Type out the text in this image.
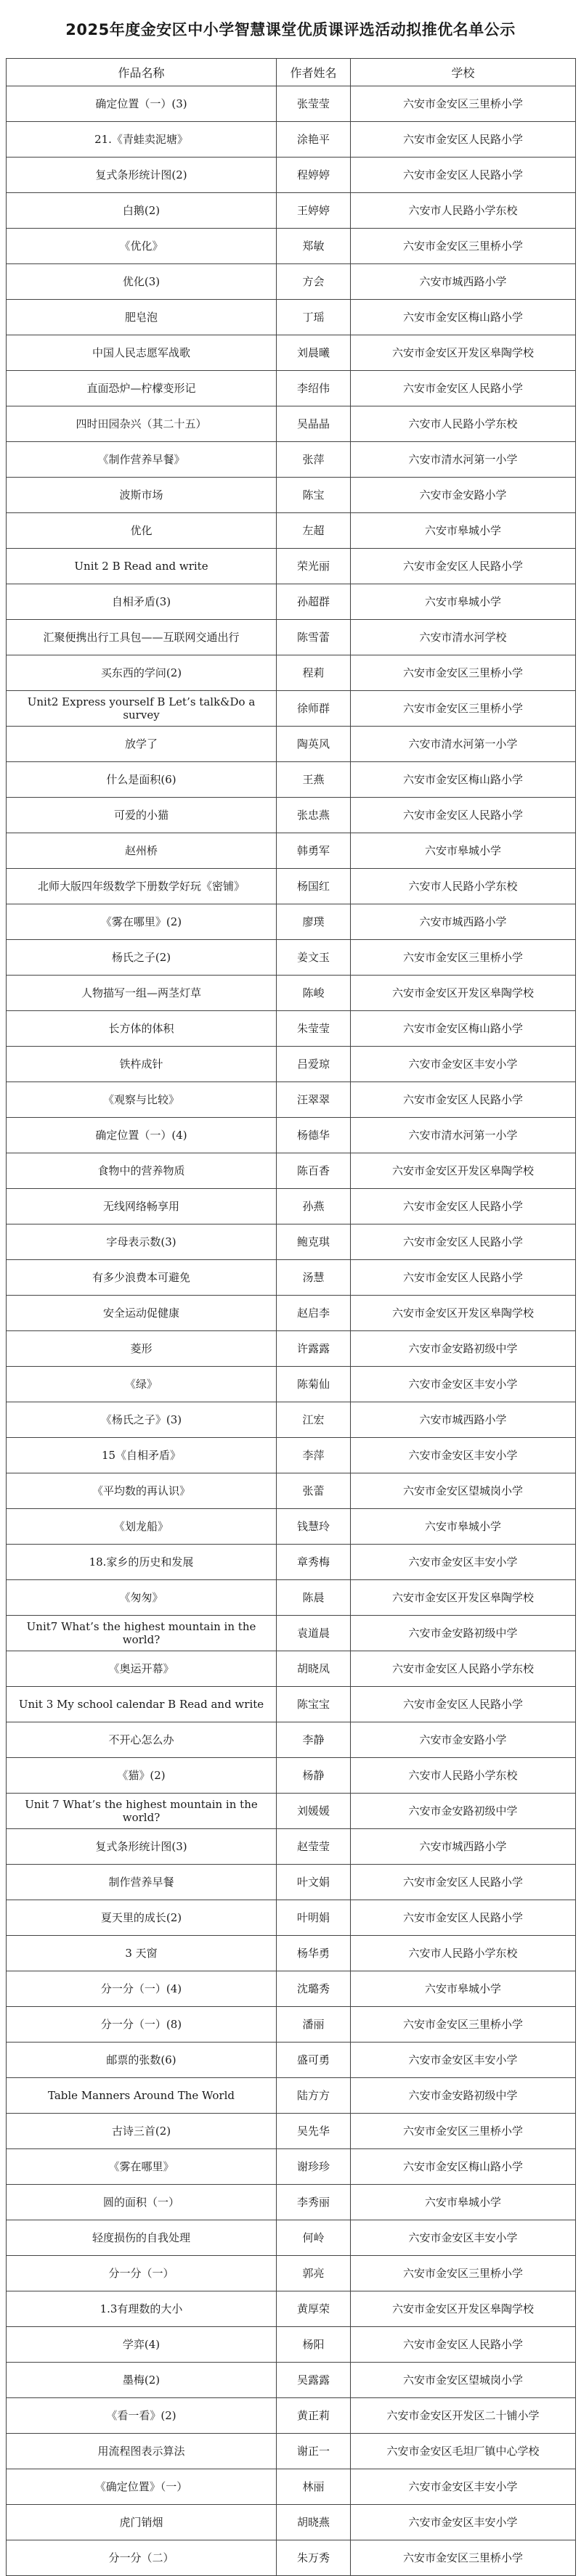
2025年度金安区中小学智慧课堂优质课评选活动拟推优名单公示
作品名称	作者姓名	学校
确定位置（一）(3)	张莹莹	六安市金安区三里桥小学
21.《青蛙卖泥塘》	涂艳平	六安市金安区人民路小学
复式条形统计图(2)	程婷婷	六安市金安区人民路小学
白鹅(2)	王婷婷	六安市人民路小学东校
《优化》	郑敏	六安市金安区三里桥小学
优化(3)	方会	六安市城西路小学
肥皂泡	丁瑶	六安市金安区梅山路小学
中国人民志愿军战歌	刘晨曦	六安市金安区开发区皋陶学校
直面恐炉—柠檬变形记	李绍伟	六安市金安区人民路小学
四时田园杂兴（其二十五）	吴晶晶	六安市人民路小学东校
《制作营养早餐》	张萍	六安市清水河第一小学
波斯市场	陈宝	六安市金安路小学
优化	左超	六安市皋城小学
Unit 2 B Read and write	荣光丽	六安市金安区人民路小学
自相矛盾(3)	孙超群	六安市皋城小学
汇聚便携出行工具包——互联网交通出行	陈雪蕾	六安市清水河学校
买东西的学问(2)	程莉	六安市金安区三里桥小学
Unit2 Express yourself B Let’s talk&Do a survey	徐师群	六安市金安区三里桥小学
放学了	陶英风	六安市清水河第一小学
什么是面积(6)	王燕	六安市金安区梅山路小学
可爱的小猫	张忠燕	六安市金安区人民路小学
赵州桥	韩勇军	六安市皋城小学
北师大版四年级数学下册数学好玩《密铺》	杨国红	六安市人民路小学东校
《雾在哪里》(2)	廖璞	六安市城西路小学
杨氏之子(2)	姜文玉	六安市金安区三里桥小学
人物描写一组—两茎灯草	陈峻	六安市金安区开发区皋陶学校
长方体的体积	朱莹莹	六安市金安区梅山路小学
铁杵成针	吕爱琼	六安市金安区丰安小学
《观察与比较》	汪翠翠	六安市金安区人民路小学
确定位置（一）(4)	杨德华	六安市清水河第一小学
食物中的营养物质	陈百香	六安市金安区开发区皋陶学校
无线网络畅享用	孙燕	六安市金安区人民路小学
字母表示数(3)	鲍克琪	六安市金安区人民路小学
有多少浪费本可避免	汤慧	六安市金安区人民路小学
安全运动促健康	赵启李	六安市金安区开发区皋陶学校
菱形	许露露	六安市金安路初级中学
《绿》	陈菊仙	六安市金安区丰安小学
《杨氏之子》(3)	江宏	六安市城西路小学
15《自相矛盾》	李萍	六安市金安区丰安小学
《平均数的再认识》	张蕾	六安市金安区望城岗小学
《划龙船》	钱慧玲	六安市皋城小学
18.家乡的历史和发展	章秀梅	六安市金安区丰安小学
《匆匆》	陈晨	六安市金安区开发区皋陶学校
Unit7 What’s the highest mountain in the world?	袁道晨	六安市金安路初级中学
《奥运开幕》	胡晓凤	六安市金安区人民路小学东校
Unit 3 My school calendar B Read and write	陈宝宝	六安市金安区人民路小学
不开心怎么办	李静	六安市金安路小学
《猫》(2)	杨静	六安市人民路小学东校
Unit 7 What’s the highest mountain in the world?	刘媛媛	六安市金安路初级中学
复式条形统计图(3)	赵莹莹	六安市城西路小学
制作营养早餐	叶文娟	六安市金安区人民路小学
夏天里的成长(2)	叶明娟	六安市金安区人民路小学
3 天窗	杨华勇	六安市人民路小学东校
分一分（一）(4)	沈璐秀	六安市皋城小学
分一分（一）(8)	潘丽	六安市金安区三里桥小学
邮票的张数(6)	盛可勇	六安市金安区丰安小学
Table Manners Around The World	陆方方	六安市金安路初级中学
古诗三首(2)	吴先华	六安市金安区三里桥小学
《雾在哪里》	谢珍珍	六安市金安区梅山路小学
圆的面积（一）	李秀丽	六安市皋城小学
轻度损伤的自我处理	何岭	六安市金安区丰安小学
分一分（一）	郭亮	六安市金安区三里桥小学
1.3有理数的大小	黄厚荣	六安市金安区开发区皋陶学校
学弈(4)	杨阳	六安市金安区人民路小学
墨梅(2)	吴露露	六安市金安区望城岗小学
《看一看》(2)	黄正莉	六安市金安区开发区二十铺小学
用流程图表示算法	谢正一	六安市金安区毛坦厂镇中心学校
《确定位置》（一）	林丽	六安市金安区丰安小学
虎门销烟	胡晓燕	六安市金安区丰安小学
分一分（二）	朱万秀	六安市金安区三里桥小学
